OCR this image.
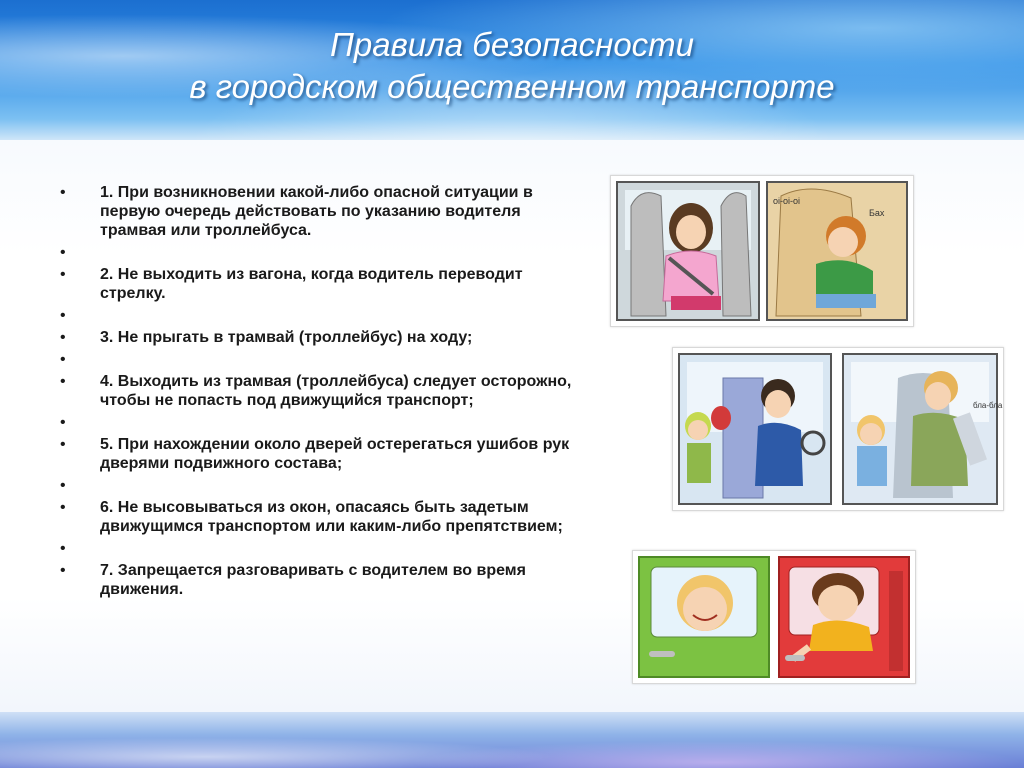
Правила безопасности
в городском общественном транспорте
• 1. При возникновении какой-либо опасной ситуации в первую очередь действовать по указанию водителя трамвая или троллейбуса.
•
• 2. Не выходить из вагона, когда водитель переводит стрелку.
•
• 3. Не прыгать в трамвай (троллейбус) на ходу;
•
• 4. Выходить из трамвая (троллейбуса) следует осторожно, чтобы не попасть под движущийся транспорт;
•
• 5. При нахождении около дверей остерегаться ушибов рук дверями подвижного состава;
•
• 6. Не высовываться из окон, опасаясь быть задетым движущимся транспортом или каким-либо препятствием;
•
• 7. Запрещается разговаривать с водителем во время движения.
oi-oi-oi
Бах
бла-бла
